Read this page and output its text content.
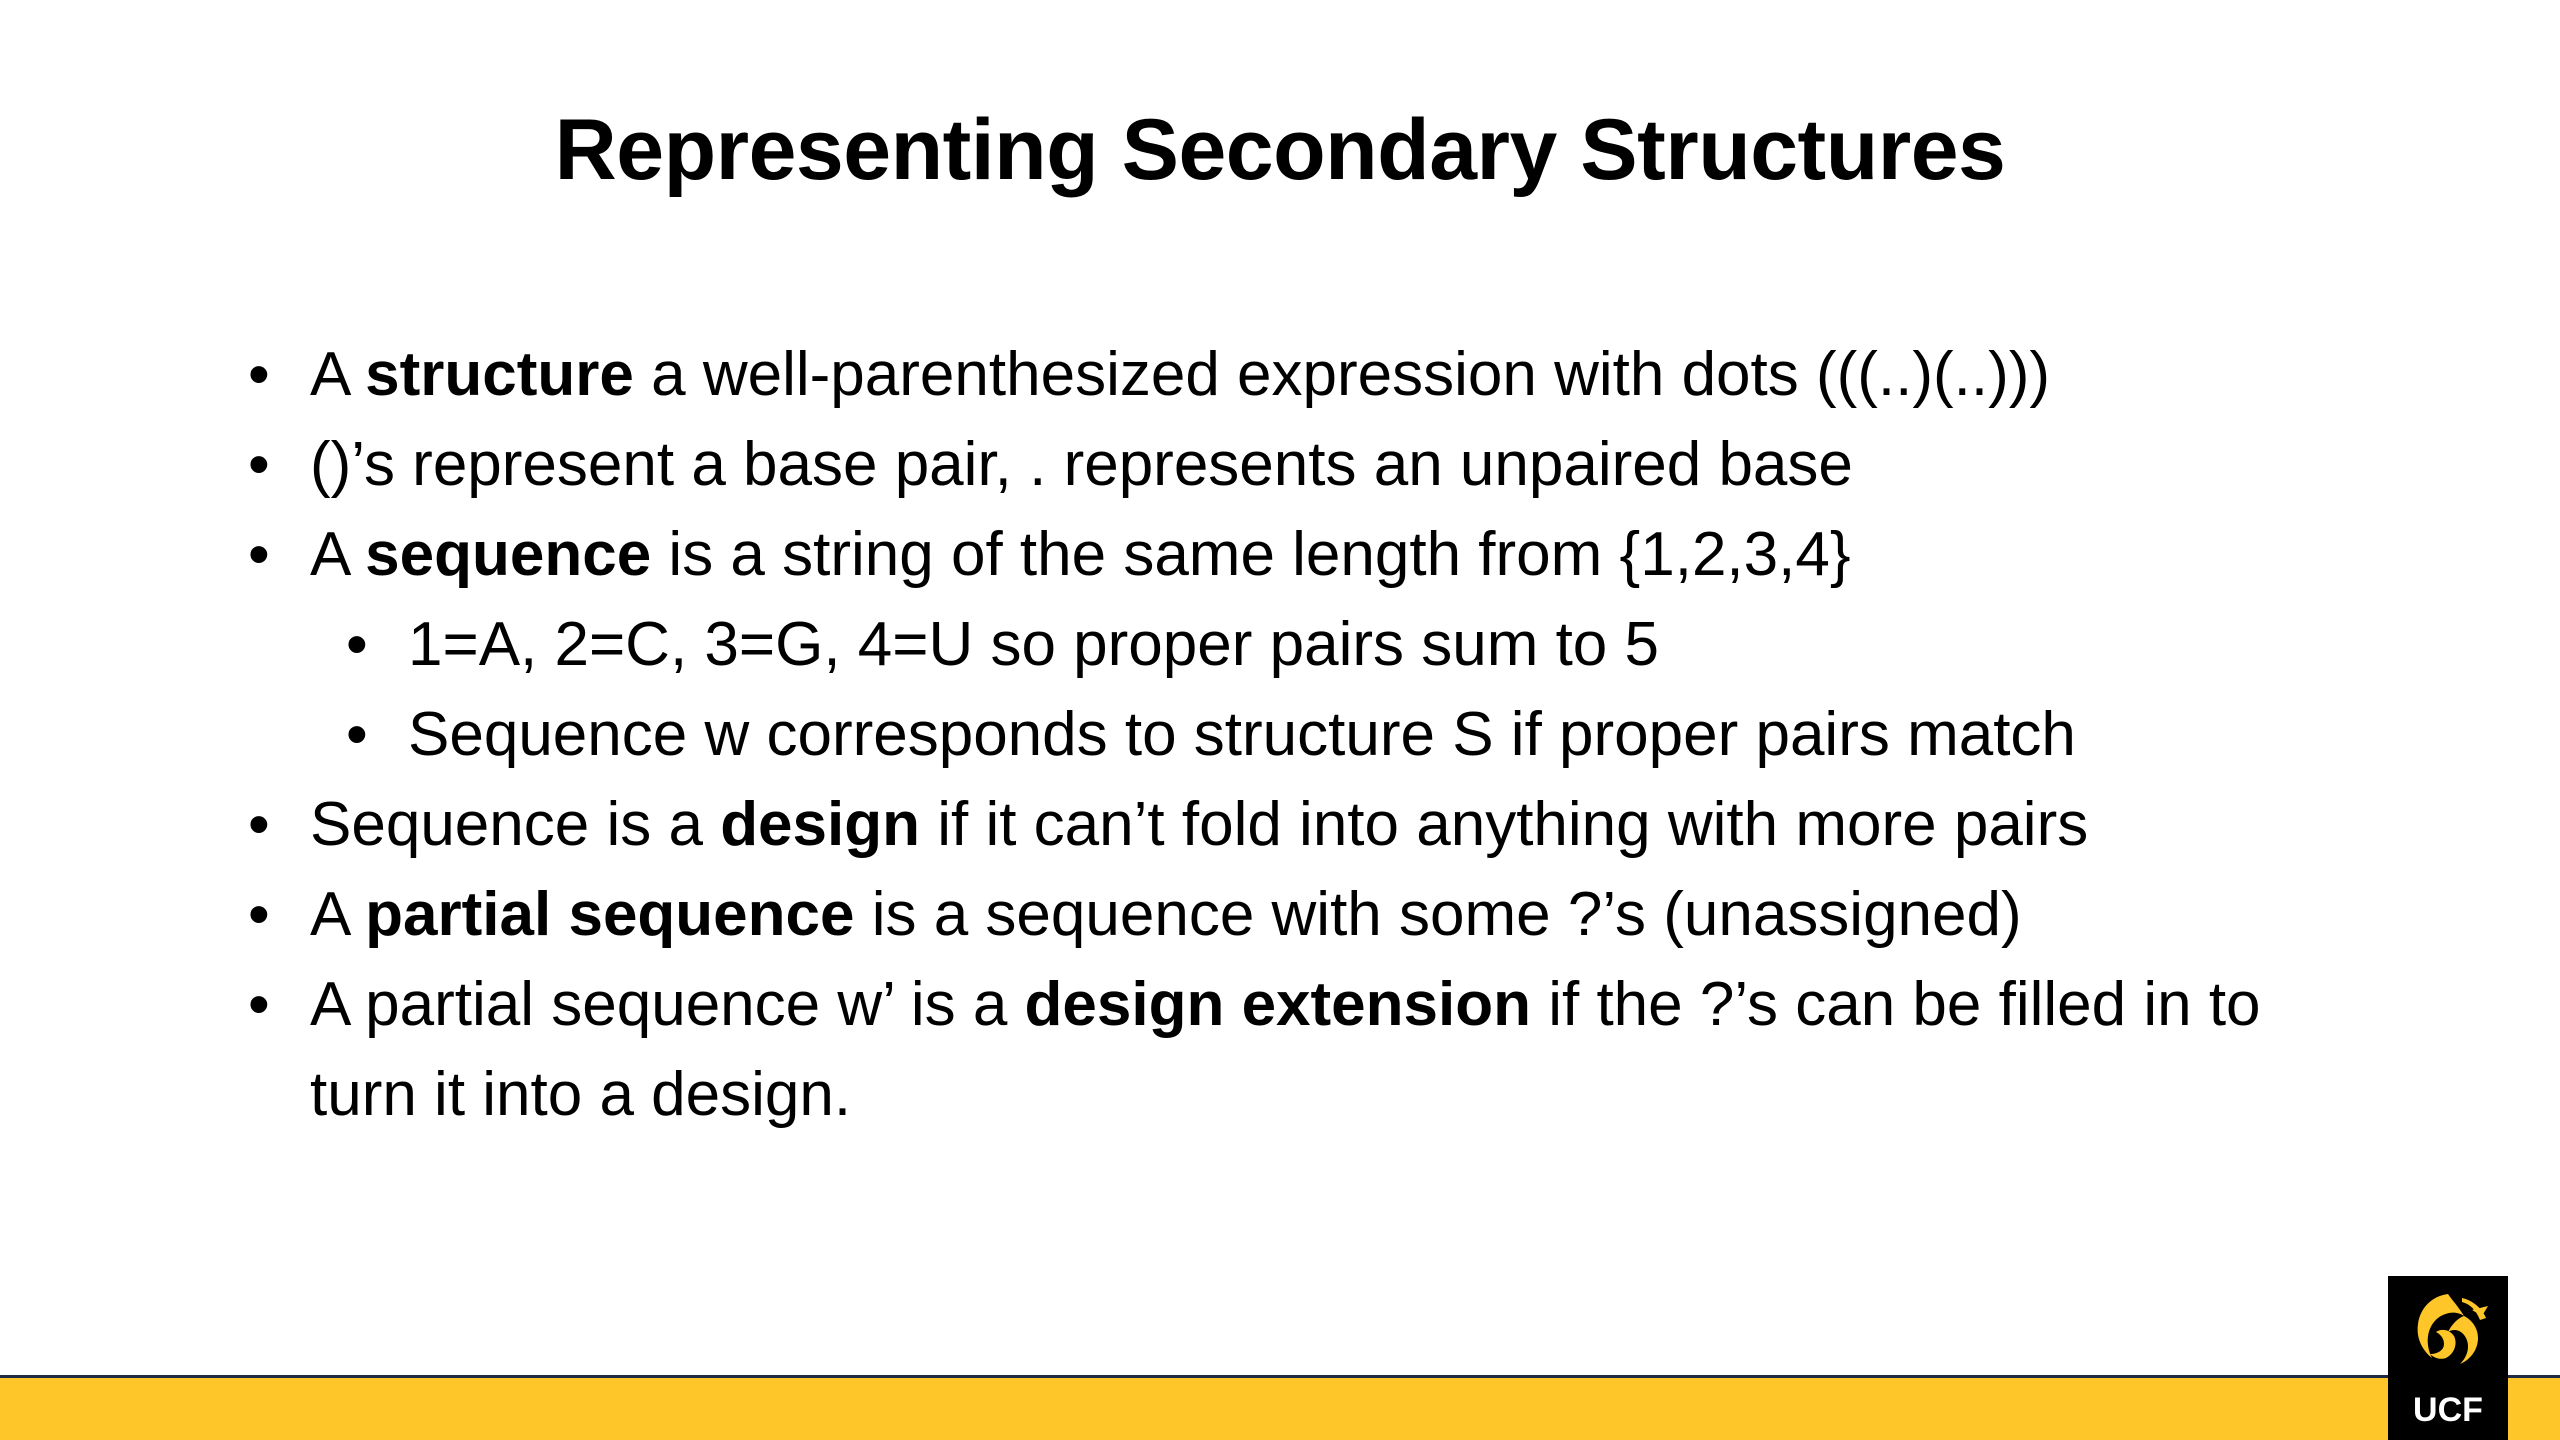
Representing Secondary Structures
• A structure a well-parenthesized expression with dots (((..)(..)))
• ()’s represent a base pair, . represents an unpaired base
• A sequence is a string of the same length from {1,2,3,4}
• 1=A, 2=C, 3=G, 4=U so proper pairs sum to 5
• Sequence w corresponds to structure S if proper pairs match
• Sequence is a design if it can’t fold into anything with more pairs
• A partial sequence is a sequence with some ?’s (unassigned)
• A partial sequence w’ is a design extension if the ?’s can be filled in to turn it into a design.
UCF
